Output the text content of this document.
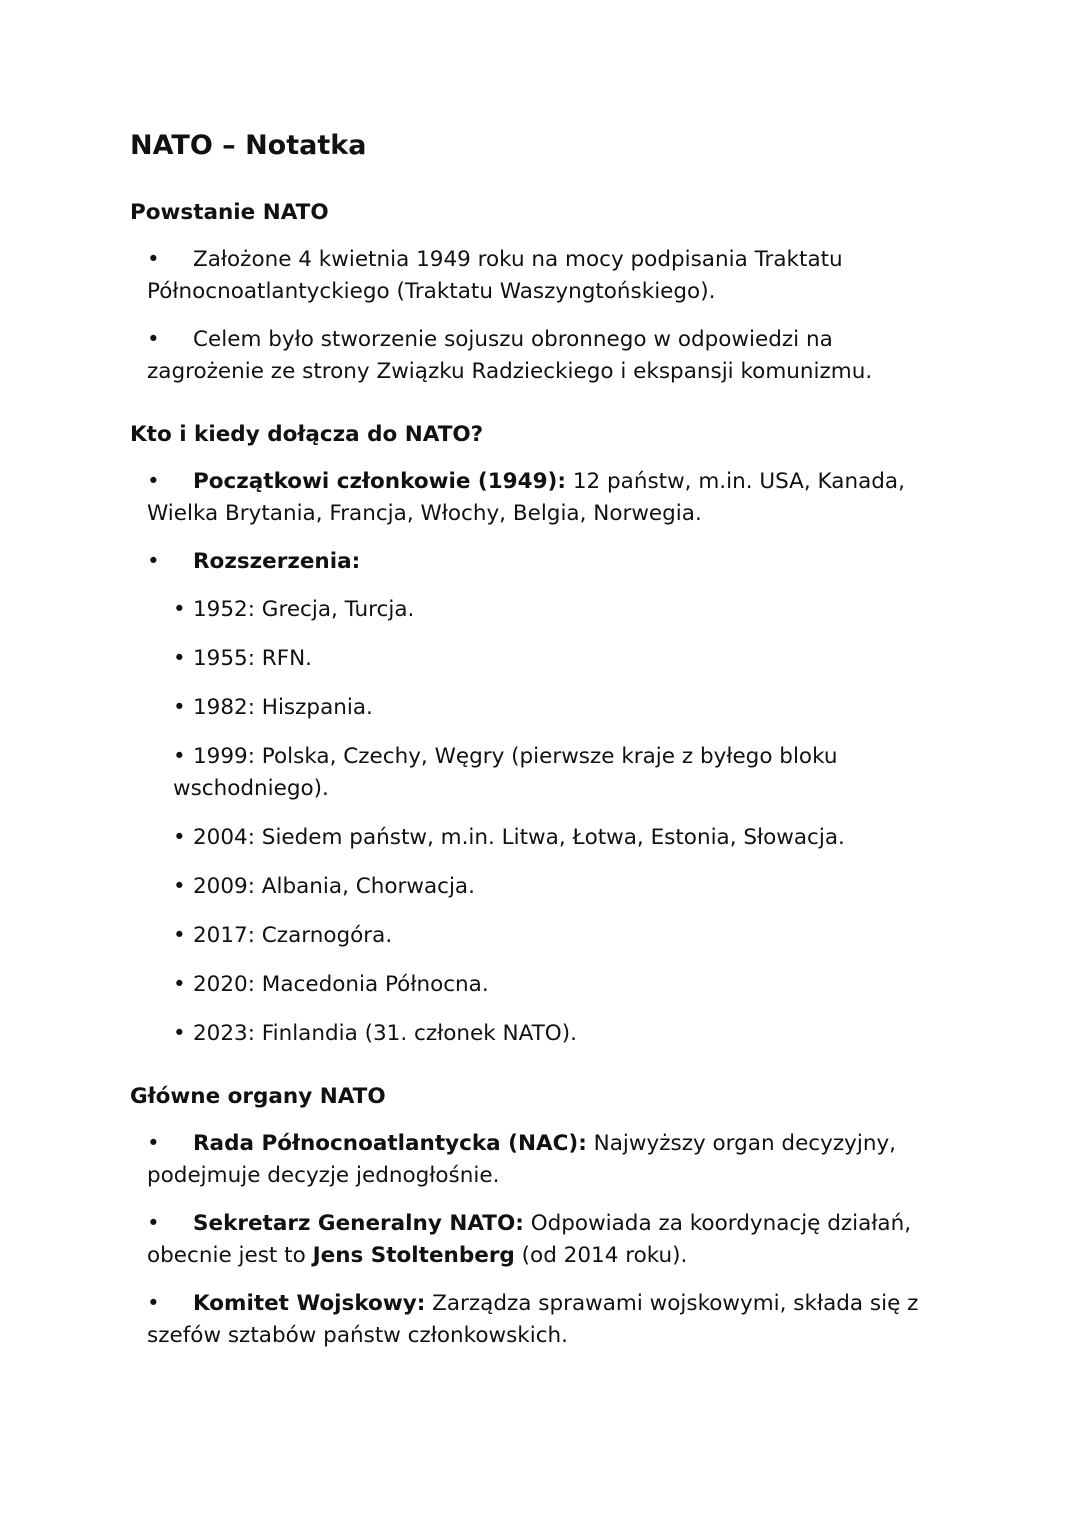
NATO – Notatka
Powstanie NATO

• Założone 4 kwietnia 1949 roku na mocy podpisania Traktatu Północnoatlantyckiego (Traktatu Waszyngtońskiego).

• Celem było stworzenie sojuszu obronnego w odpowiedzi na zagrożenie ze strony Związku Radzieckiego i ekspansji komunizmu.

Kto i kiedy dołącza do NATO?

• Początkowi członkowie (1949): 12 państw, m.in. USA, Kanada, Wielka Brytania, Francja, Włochy, Belgia, Norwegia.

• Rozszerzenia:

• 1952: Grecja, Turcja.

• 1955: RFN.

• 1982: Hiszpania.

• 1999: Polska, Czechy, Węgry (pierwsze kraje z byłego bloku wschodniego).

• 2004: Siedem państw, m.in. Litwa, Łotwa, Estonia, Słowacja.

• 2009: Albania, Chorwacja.

• 2017: Czarnogóra.

• 2020: Macedonia Północna.

• 2023: Finlandia (31. członek NATO).

Główne organy NATO

• Rada Północnoatlantycka (NAC): Najwyższy organ decyzyjny, podejmuje decyzje jednogłośnie.

• Sekretarz Generalny NATO: Odpowiada za koordynację działań, obecnie jest to Jens Stoltenberg (od 2014 roku).

• Komitet Wojskowy: Zarządza sprawami wojskowymi, składa się z szefów sztabów państw członkowskich.
